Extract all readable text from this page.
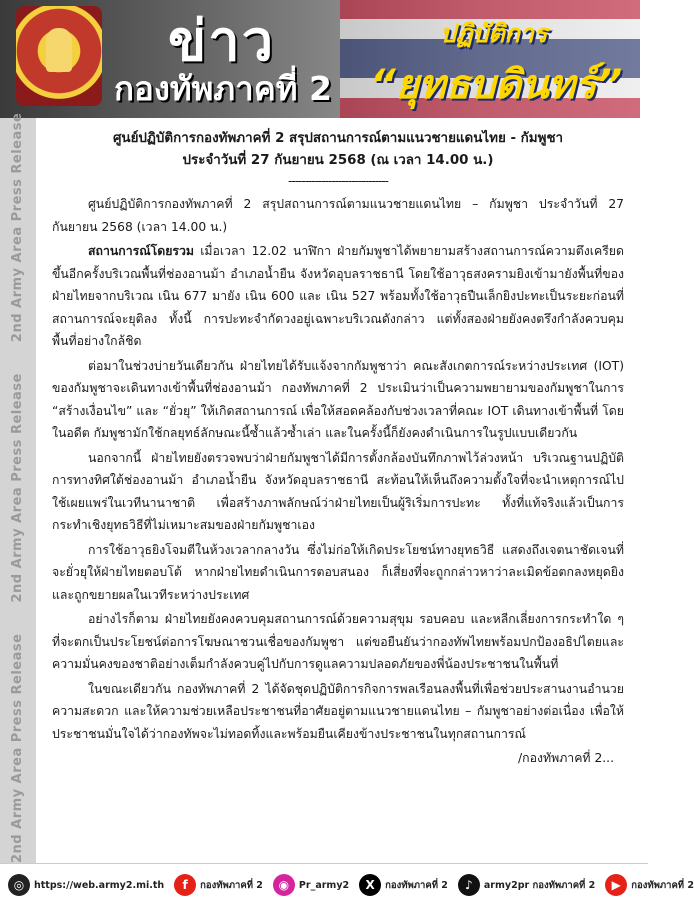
ข่าว
กองทัพภาคที่ 2
ปฏิบัติการ
“ยุทธบดินทร์”
2nd Army Area Press Release 2nd Army Area Press Release 2nd Army Area Press Release	ศูนย์ปฏิบัติการกองทัพภาคที่ 2 สรุปสถานการณ์ตามแนวชายแดนไทย - กัมพูชา

ประจำวันที่ 27 กันยายน 2568 (ณ เวลา 14.00 น.)

------------------------------

ศูนย์ปฏิบัติการกองทัพภาคที่ 2 สรุปสถานการณ์ตามแนวชายแดนไทย – กัมพูชา ประจำวันที่ 27 กันยายน 2568 (เวลา 14.00 น.)

สถานการณ์โดยรวม เมื่อเวลา 12.02 นาฬิกา ฝ่ายกัมพูชาได้พยายามสร้างสถานการณ์ความตึงเครียดขึ้นอีกครั้งบริเวณพื้นที่ช่องอานม้า อำเภอน้ำยืน จังหวัดอุบลราชธานี โดยใช้อาวุธสงครามยิงเข้ามายังพื้นที่ของฝ่ายไทยจากบริเวณ เนิน 677 มายัง เนิน 600 และ เนิน 527 พร้อมทั้งใช้อาวุธปืนเล็กยิงปะทะเป็นระยะก่อนที่สถานการณ์จะยุติลง ทั้งนี้ การปะทะจำกัดวงอยู่เฉพาะบริเวณดังกล่าว แต่ทั้งสองฝ่ายยังคงตรึงกำลังควบคุมพื้นที่อย่างใกล้ชิด

ต่อมาในช่วงบ่ายวันเดียวกัน ฝ่ายไทยได้รับแจ้งจากกัมพูชาว่า คณะสังเกตการณ์ระหว่างประเทศ (IOT) ของกัมพูชาจะเดินทางเข้าพื้นที่ช่องอานม้า กองทัพภาคที่ 2 ประเมินว่าเป็นความพยายามของกัมพูชาในการ “สร้างเงื่อนไข” และ “ยั่วยุ” ให้เกิดสถานการณ์ เพื่อให้สอดคล้องกับช่วงเวลาที่คณะ IOT เดินทางเข้าพื้นที่ โดยในอดีต กัมพูชามักใช้กลยุทธ์ลักษณะนี้ซ้ำแล้วซ้ำเล่า และในครั้งนี้ก็ยังคงดำเนินการในรูปแบบเดียวกัน

นอกจากนี้ ฝ่ายไทยยังตรวจพบว่าฝ่ายกัมพูชาได้มีการตั้งกล้องบันทึกภาพไว้ล่วงหน้า บริเวณฐานปฏิบัติการทางทิศใต้ช่องอานม้า อำเภอน้ำยืน จังหวัดอุบลราชธานี สะท้อนให้เห็นถึงความตั้งใจที่จะนำเหตุการณ์ไปใช้เผยแพร่ในเวทีนานาชาติ เพื่อสร้างภาพลักษณ์ว่าฝ่ายไทยเป็นผู้ริเริ่มการปะทะ ทั้งที่แท้จริงแล้วเป็นการกระทำเชิงยุทธวิธีที่ไม่เหมาะสมของฝ่ายกัมพูชาเอง

การใช้อาวุธยิงโจมตีในห้วงเวลากลางวัน ซึ่งไม่ก่อให้เกิดประโยชน์ทางยุทธวิธี แสดงถึงเจตนาชัดเจนที่จะยั่วยุให้ฝ่ายไทยตอบโต้ หากฝ่ายไทยดำเนินการตอบสนอง ก็เสี่ยงที่จะถูกกล่าวหาว่าละเมิดข้อตกลงหยุดยิงและถูกขยายผลในเวทีระหว่างประเทศ

อย่างไรก็ตาม ฝ่ายไทยยังคงควบคุมสถานการณ์ด้วยความสุขุม รอบคอบ และหลีกเลี่ยงการกระทำใด ๆ ที่จะตกเป็นประโยชน์ต่อการโฆษณาชวนเชื่อของกัมพูชา แต่ขอยืนยันว่ากองทัพไทยพร้อมปกป้องอธิปไตยและความมั่นคงของชาติอย่างเต็มกำลังควบคู่ไปกับการดูแลความปลอดภัยของพี่น้องประชาชนในพื้นที่

ในขณะเดียวกัน กองทัพภาคที่ 2 ได้จัดชุดปฏิบัติการกิจการพลเรือนลงพื้นที่เพื่อช่วยประสานงานอำนวยความสะดวก และให้ความช่วยเหลือประชาชนที่อาศัยอยู่ตามแนวชายแดนไทย – กัมพูชาอย่างต่อเนื่อง เพื่อให้ประชาชนมั่นใจได้ว่ากองทัพจะไม่ทอดทิ้งและพร้อมยืนเคียงข้างประชาชนในทุกสถานการณ์

/กองทัพภาคที่ 2...

◎	https://web.army2.mi.th	f	กองทัพภาคที่ 2	◉	Pr_army2	X	กองทัพภาคที่ 2	♪	army2pr กองทัพภาคที่ 2	▶	กองทัพภาคที่ 2
